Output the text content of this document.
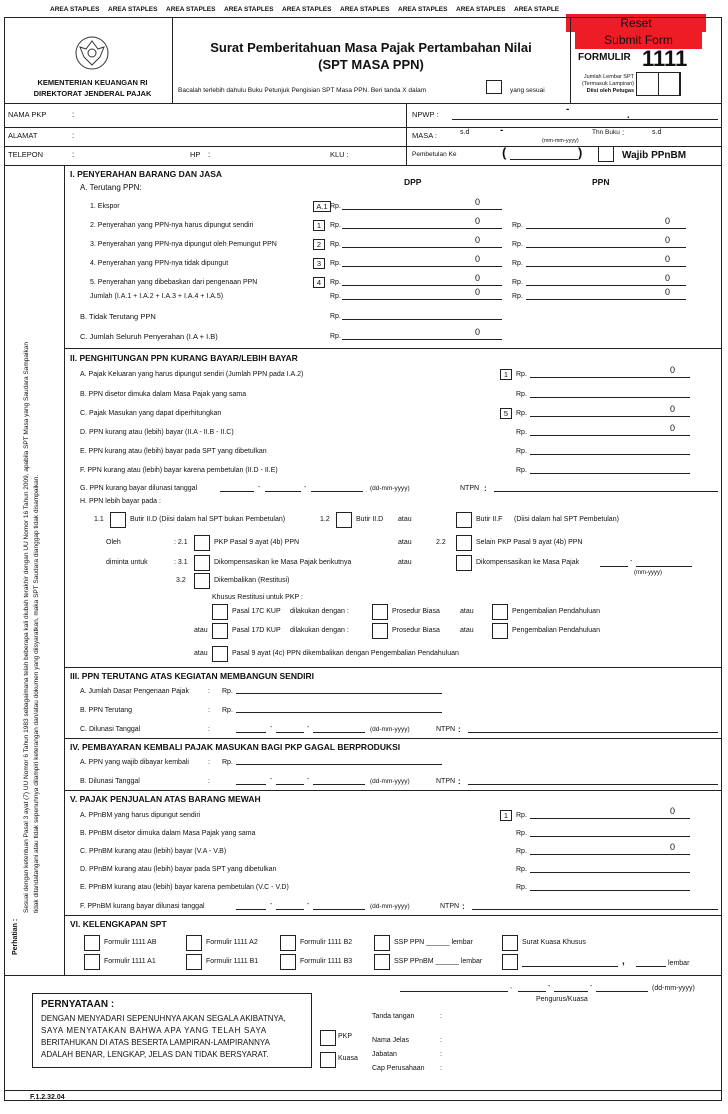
AREA STAPLES AREA STAPLES AREA STAPLES AREA STAPLES AREA STAPLES AREA STAPLES AREA STAPLES AREA STAPLES AREA STAPLE
Reset
Submit Form
KEMENTERIAN KEUANGAN RI
DIREKTORAT JENDERAL PAJAK
Surat Pemberitahuan Masa Pajak Pertambahan Nilai
(SPT MASA PPN)
Bacalah terlebih dahulu Buku Petunjuk Pengisian SPT Masa PPN. Beri tanda X dalam	yang sesuai
FORMULIR 1111
Jumlah Lembar SPT
(Termasuk Lampiran)
Diisi oleh Petugas
NAMA PKP	:
ALAMAT	:
TELEPON	:	HP :	KLU :
NPWP :	-
.
MASA :	s.d	-
(mm-mm-yyyy)
Thn Buku :	s.d
Pembetulan Ke	(	)	Wajib PPnBM
Perhatian :
Sesuai dengan ketentuan Pasal 3 ayat (7) UU Nomor 6 Tahun 1983 sebagaimana telah beberapa kali diubah terakhir dengan UU Nomor 16 Tahun 2009, apabila SPT Masa yang Saudara Sampaikan tidak ditandatangani atau tidak sepenuhnya dilampiri keterangan dan/atau dokumen yang diisyaratkan, maka SPT Saudara dianggap tidak disampaikan.
I. PENYERAHAN BARANG DAN JASA
DPP	PPN
A. Terutang PPN:
1. Ekspor	A.1 Rp.	0
2. Penyerahan yang PPN-nya harus dipungut sendiri	1	Rp.	0	Rp.	0
3. Penyerahan yang PPN-nya dipungut oleh Pemungut PPN	2	Rp.	0	Rp.	0
4. Penyerahan yang PPN-nya tidak dipungut	3	Rp.	0	Rp.	0
5. Penyerahan yang dibebaskan dari pengenaan PPN	4	Rp.	0	Rp.	0
Jumlah (I.A.1 + I.A.2 + I.A.3 + I.A.4 + I.A.5)	Rp.	0	Rp.	0
B. Tidak Terutang PPN	Rp.
C. Jumlah Seluruh Penyerahan (I.A + I.B)	Rp.	0
II. PENGHITUNGAN PPN KURANG BAYAR/LEBIH BAYAR
A. Pajak Keluaran yang harus dipungut sendiri (Jumlah PPN pada I.A.2)	1	Rp.	0
B. PPN disetor dimuka dalam Masa Pajak yang sama	Rp.
C. Pajak Masukan yang dapat diperhitungkan	5	Rp.	0
D. PPN kurang atau (lebih) bayar (II.A - II.B - II.C)	Rp.	0
E. PPN kurang atau (lebih) bayar pada SPT yang dibetulkan	Rp.
F. PPN kurang atau (lebih) bayar karena pembetulan (II.D - II.E)	Rp.
G. PPN kurang bayar dilunasi tanggal	-	-	(dd-mm-yyyy)	NTPN :
H. PPN lebih bayar pada :
1.1	Butir II.D (Diisi dalam hal SPT bukan Pembetulan)	1.2	Butir II.D atau	Butir II.F (Diisi dalam hal SPT Pembetulan)
Oleh	: 2.1	PKP Pasal 9 ayat (4b) PPN	atau	2.2	Selain PKP Pasal 9 ayat (4b) PPN
diminta untuk	: 3.1	Dikompensasikan ke Masa Pajak berikutnya	atau	Dikompensasikan ke Masa Pajak	-
(mm-yyyy)
3.2	Dikembalikan (Restitusi)
Khusus Restitusi untuk PKP :
Pasal 17C KUP dilakukan dengan :	Prosedur Biasa	atau	Pengembalian Pendahuluan
atau	Pasal 17D KUP dilakukan dengan :	Prosedur Biasa	atau	Pengembalian Pendahuluan
atau	Pasal 9 ayat (4c) PPN dikembalikan dengan Pengembalian Pendahuluan
III. PPN TERUTANG ATAS KEGIATAN MEMBANGUN SENDIRI
A. Jumlah Dasar Pengenaan Pajak	: Rp.
B. PPN Terutang	: Rp.
C. Dilunasi Tanggal	:	-	-	(dd-mm-yyyy)	NTPN :
IV. PEMBAYARAN KEMBALI PAJAK MASUKAN BAGI PKP GAGAL BERPRODUKSI
A. PPN yang wajib dibayar kembali	: Rp.
B. Dilunasi Tanggal	:	-	-	(dd-mm-yyyy)	NTPN :
V. PAJAK PENJUALAN ATAS BARANG MEWAH
A. PPnBM yang harus dipungut sendiri	1	Rp.	0
B. PPnBM disetor dimuka dalam Masa Pajak yang sama	Rp.
C. PPnBM kurang atau (lebih) bayar (V.A - V.B)	Rp.	0
D. PPnBM kurang atau (lebih) bayar pada SPT yang dibetulkan	Rp.
E. PPnBM kurang atau (lebih) bayar karena pembetulan (V.C - V.D)	Rp.
F. PPnBM kurang bayar dilunasi tanggal	-	-	(dd-mm-yyyy)	NTPN :
VI. KELENGKAPAN SPT
Formulir 1111 AB	Formulir 1111 A2	Formulir 1111 B2	SSP PPN ______ lembar	Surat Kuasa Khusus
Formulir 1111 A1	Formulir 1111 B1	Formulir 1111 B3	SSP PPnBM ______ lembar	,	lembar
,	-	-	(dd-mm-yyyy)
Pengurus/Kuasa
PERNYATAAN :
DENGAN MENYADARI SEPENUHNYA AKAN SEGALA AKIBATNYA,
SAYA MENYATAKAN BAHWA APA YANG TELAH SAYA
BERITAHUKAN DI ATAS BESERTA LAMPIRAN-LAMPIRANNYA
ADALAH BENAR, LENGKAP, JELAS DAN TIDAK BERSYARAT.
PKP
Kuasa
Tanda tangan	:
Nama Jelas	:
Jabatan	:
Cap Perusahaan :
F.1.2.32.04
